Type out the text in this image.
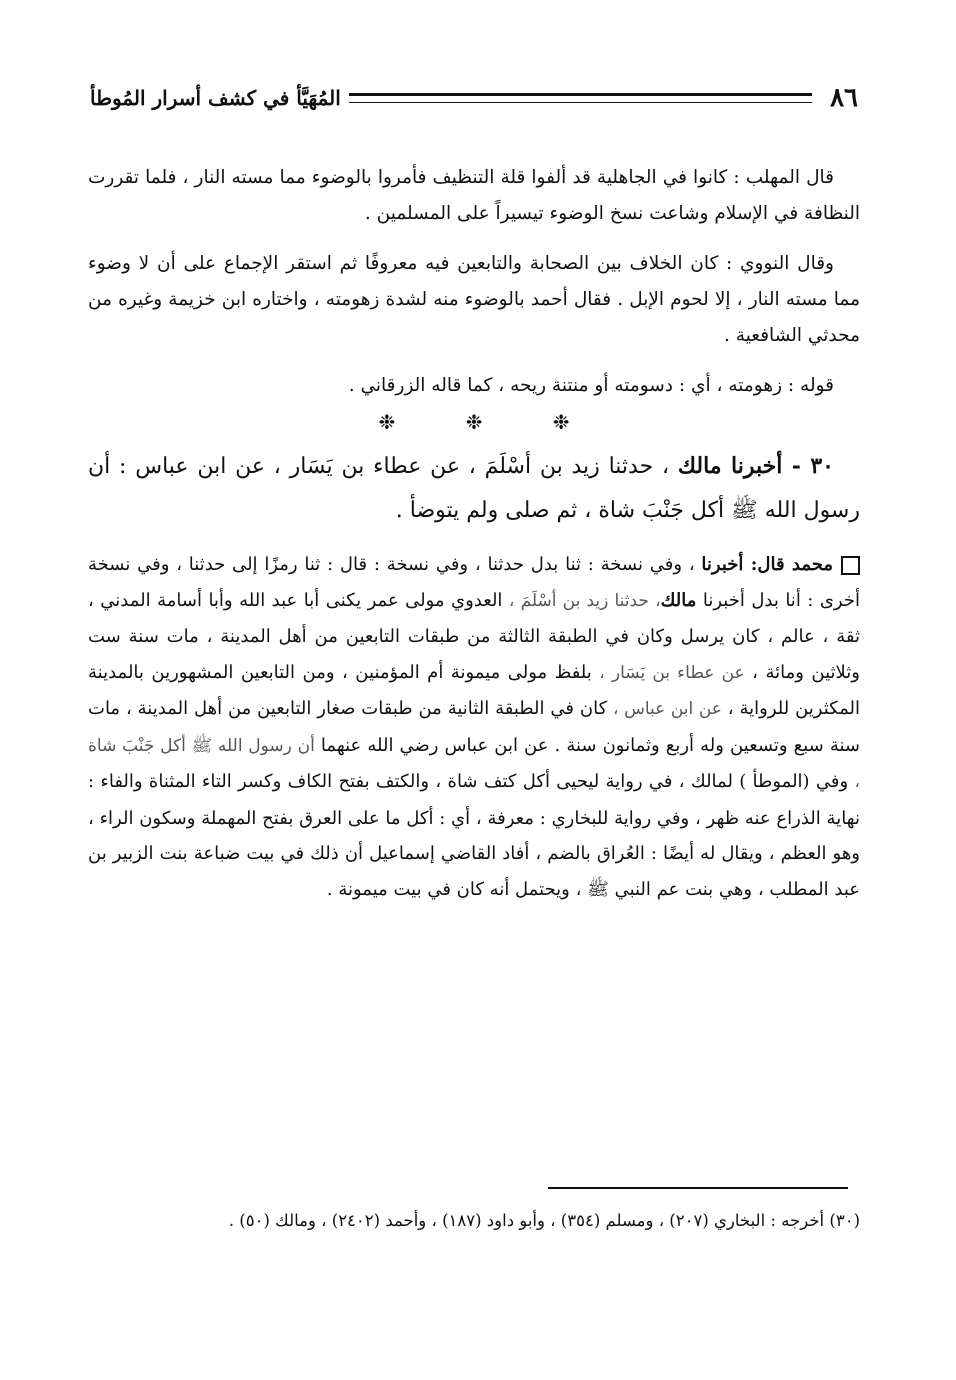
٨٦
المُهَيَّأ في كشف أسرار المُوطأ

قال المهلب : كانوا في الجاهلية قد ألفوا قلة التنظيف فأمروا بالوضوء مما مسته النار ، فلما تقررت النظافة في الإسلام وشاعت نسخ الوضوء تيسيراً على المسلمين .

وقال النووي : كان الخلاف بين الصحابة والتابعين فيه معروفًا ثم استقر الإجماع على أن لا وضوء مما مسته النار ، إلا لحوم الإبل . فقال أحمد بالوضوء منه لشدة زهومته ، واختاره ابن خزيمة وغيره من محدثي الشافعية .

قوله : زهومته ، أي : دسومته أو منتنة ريحه ، كما قاله الزرقاني .

❉	❉	❉

٣٠ - أخبرنا مالك ، حدثنا زيد بن أسْلَمَ ، عن عطاء بن يَسَار ، عن ابن عباس : أن رسول الله ﷺ أكل جَنْبَ شاة ، ثم صلى ولم يتوضأ .

محمد قال: أخبرنا ، وفي نسخة : ثنا بدل حدثنا ، وفي نسخة : قال : ثنا رمزًا إلى حدثنا ، وفي نسخة أخرى : أنا بدل أخبرنا مالك، حدثنا زيد بن أسْلَمَ ، العدوي مولى عمر يكنى أبا عبد الله وأبا أسامة المدني ، ثقة ، عالم ، كان يرسل وكان في الطبقة الثالثة من طبقات التابعين من أهل المدينة ، مات سنة ست وثلاثين ومائة ، عن عطاء بن يَسَار ، بلفظ مولى ميمونة أم المؤمنين ، ومن التابعين المشهورين بالمدينة المكثرين للرواية ، عن ابن عباس ، كان في الطبقة الثانية من طبقات صغار التابعين من أهل المدينة ، مات سنة سبع وتسعين وله أربع وثمانون سنة . عن ابن عباس رضي الله عنهما أن رسول الله ﷺ أكل جَنْبَ شاة ، وفي (الموطأ ) لمالك ، في رواية ليحيى أكل كتف شاة ، والكتف بفتح الكاف وكسر التاء المثناة والفاء : نهاية الذراع عنه ظهر ، وفي رواية للبخاري : معرفة ، أي : أكل ما على العرق بفتح المهملة وسكون الراء ، وهو العظم ، ويقال له أيضًا : العُراق بالضم ، أفاد القاضي إسماعيل أن ذلك في بيت ضباعة بنت الزبير بن عبد المطلب ، وهي بنت عم النبي ﷺ ، ويحتمل أنه كان في بيت ميمونة .

(٣٠) أخرجه : البخاري (٢٠٧) ، ومسلم (٣٥٤) ، وأبو داود (١٨٧) ، وأحمد (٢٤٠٢) ، ومالك (٥٠) .
